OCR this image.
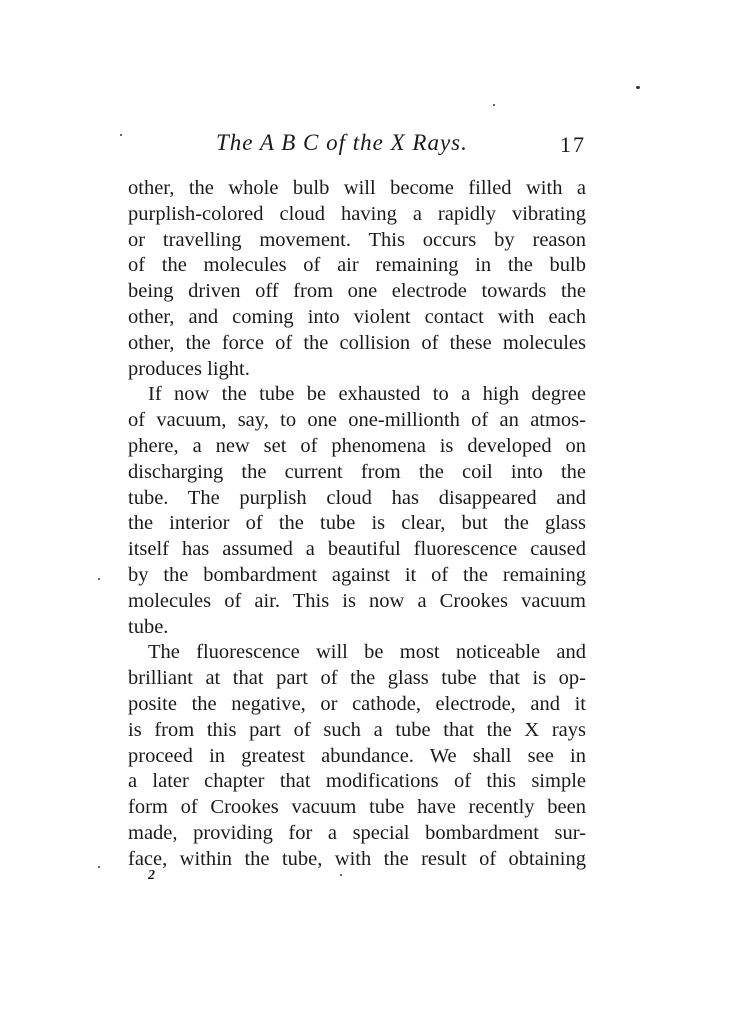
The A B C of the X Rays.	17
other, the whole bulb will become filled with a
purplish-colored cloud having a rapidly vibrating
or travelling movement. This occurs by reason
of the molecules of air remaining in the bulb
being driven off from one electrode towards the
other, and coming into violent contact with each
other, the force of the collision of these molecules
produces light.
If now the tube be exhausted to a high degree
of vacuum, say, to one one-millionth of an atmos-
phere, a new set of phenomena is developed on
discharging the current from the coil into the
tube. The purplish cloud has disappeared and
the interior of the tube is clear, but the glass
itself has assumed a beautiful fluorescence caused
by the bombardment against it of the remaining
molecules of air. This is now a Crookes vacuum
tube.
The fluorescence will be most noticeable and
brilliant at that part of the glass tube that is op-
posite the negative, or cathode, electrode, and it
is from this part of such a tube that the X rays
proceed in greatest abundance. We shall see in
a later chapter that modifications of this simple
form of Crookes vacuum tube have recently been
made, providing for a special bombardment sur-
face, within the tube, with the result of obtaining
2
